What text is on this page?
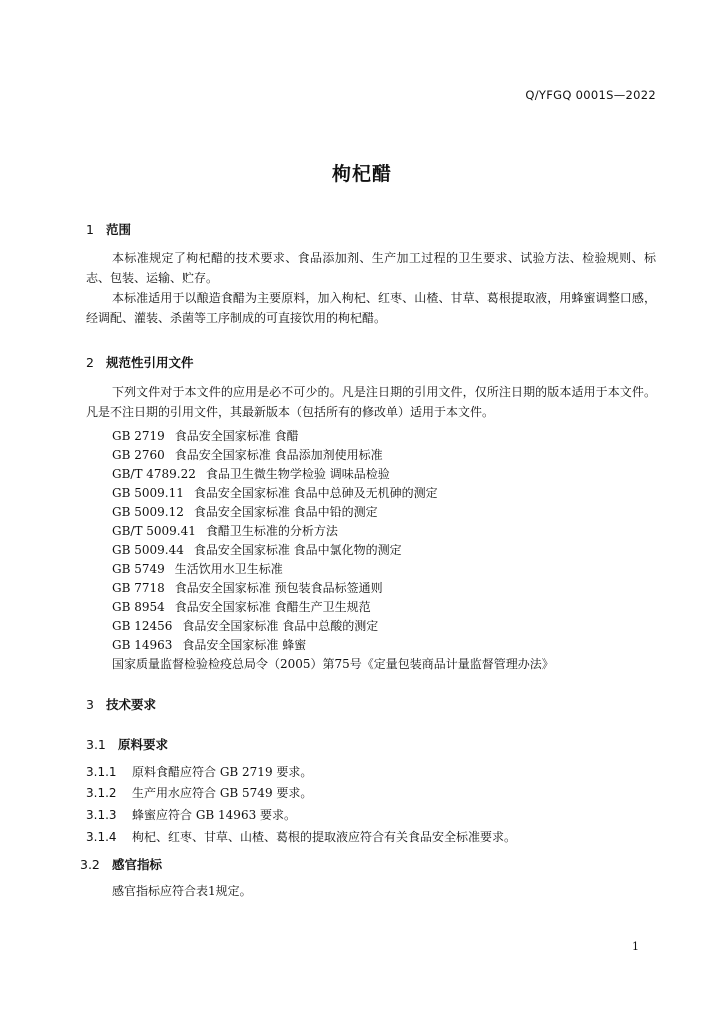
Q/YFGQ 0001S—2022
枸杞醋
1 范围

本标准规定了枸杞醋的技术要求、食品添加剂、生产加工过程的卫生要求、试验方法、检验规则、标志、包装、运输、贮存。

本标准适用于以酿造食醋为主要原料，加入枸杞、红枣、山楂、甘草、葛根提取液，用蜂蜜调整口感，经调配、灌装、杀菌等工序制成的可直接饮用的枸杞醋。

2 规范性引用文件

下列文件对于本文件的应用是必不可少的。凡是注日期的引用文件，仅所注日期的版本适用于本文件。凡是不注日期的引用文件，其最新版本（包括所有的修改单）适用于本文件。

GB 2719 食品安全国家标准 食醋
GB 2760 食品安全国家标准 食品添加剂使用标准
GB/T 4789.22 食品卫生微生物学检验 调味品检验
GB 5009.11 食品安全国家标准 食品中总砷及无机砷的测定
GB 5009.12 食品安全国家标准 食品中铅的测定
GB/T 5009.41 食醋卫生标准的分析方法
GB 5009.44 食品安全国家标准 食品中氯化物的测定
GB 5749 生活饮用水卫生标准
GB 7718 食品安全国家标准 预包装食品标签通则
GB 8954 食品安全国家标准 食醋生产卫生规范
GB 12456 食品安全国家标准 食品中总酸的测定
GB 14963 食品安全国家标准 蜂蜜
国家质量监督检验检疫总局令（2005）第75号《定量包装商品计量监督管理办法》
3 技术要求
3.1 原料要求
3.1.1 原料食醋应符合 GB 2719 要求。
3.1.2 生产用水应符合 GB 5749 要求。
3.1.3 蜂蜜应符合 GB 14963 要求。
3.1.4 枸杞、红枣、甘草、山楂、葛根的提取液应符合有关食品安全标准要求。
3.2 感官指标

感官指标应符合表1规定。

1
